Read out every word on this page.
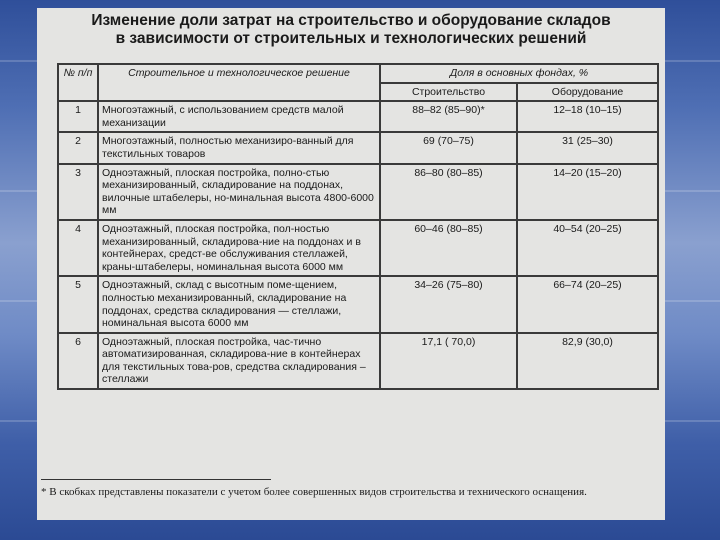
Изменение доли затрат на строительство и оборудование складов
в зависимости от строительных и технологических решений
№ п/п	Строительное и технологическое решение	Доля в основных фондах, %	
		Строительство	Оборудование
1	Многоэтажный, с использованием средств малой механизации	88–82 (85–90)*	12–18 (10–15)
2	Многоэтажный, полностью механизиро-ванный для текстильных товаров	69 (70–75)	31 (25–30)
3	Одноэтажный, плоская постройка, полно-стью механизированный, складирование на поддонах, вилочные штабелеры, но-минальная высота 4800-6000 мм	86–80 (80–85)	14–20 (15–20)
4	Одноэтажный, плоская постройка, пол-ностью механизированный, складирова-ние на поддонах и в контейнерах, средст-ве обслуживания стеллажей, краны-штабелеры, номинальная высота 6000 мм	60–46 (80–85)	40–54 (20–25)
5	Одноэтажный, склад с высотным поме-щением, полностью механизированный, складирование на поддонах, средства складирования — стеллажи, номинальная высота 6000 мм	34–26 (75–80)	66–74 (20–25)
6	Одноэтажный, плоская постройка, час-тично автоматизированная, складирова-ние в контейнерах для текстильных това-ров, средства складирования – стеллажи	17,1 ( 70,0)	82,9 (30,0)
* В скобках представлены показатели с учетом более совершенных видов строительства и технического оснащения.
